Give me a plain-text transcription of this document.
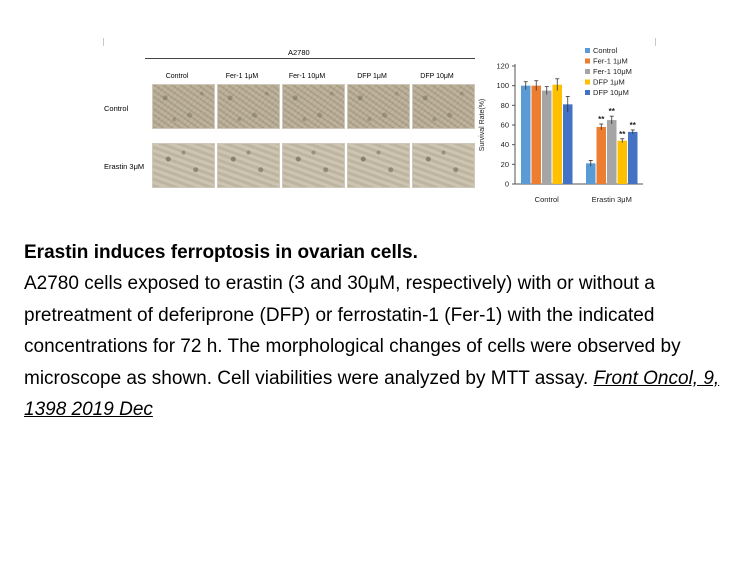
A2780
Control	Fer-1 1μM	Fer-1 10μM	DFP 1μM	DFP 10μM
Control
Erastin 3μM
0
20
40
60
80
100
120
Survival Rate(%)
Control
**
**
**
**
Erastin 3μM
Control
Fer-1 1μM
Fer-1 10μM
DFP 1μM
DFP 10μM

Erastin induces ferroptosis in ovarian cells.

A2780 cells exposed to erastin (3 and 30μM, respectively) with or without a pretreatment of deferiprone (DFP) or ferrostatin-1 (Fer-1) with the indicated concentrations for 72 h. The morphological changes of cells were observed by microscope as shown. Cell viabilities were analyzed by MTT assay. Front Oncol, 9, 1398 2019 Dec
